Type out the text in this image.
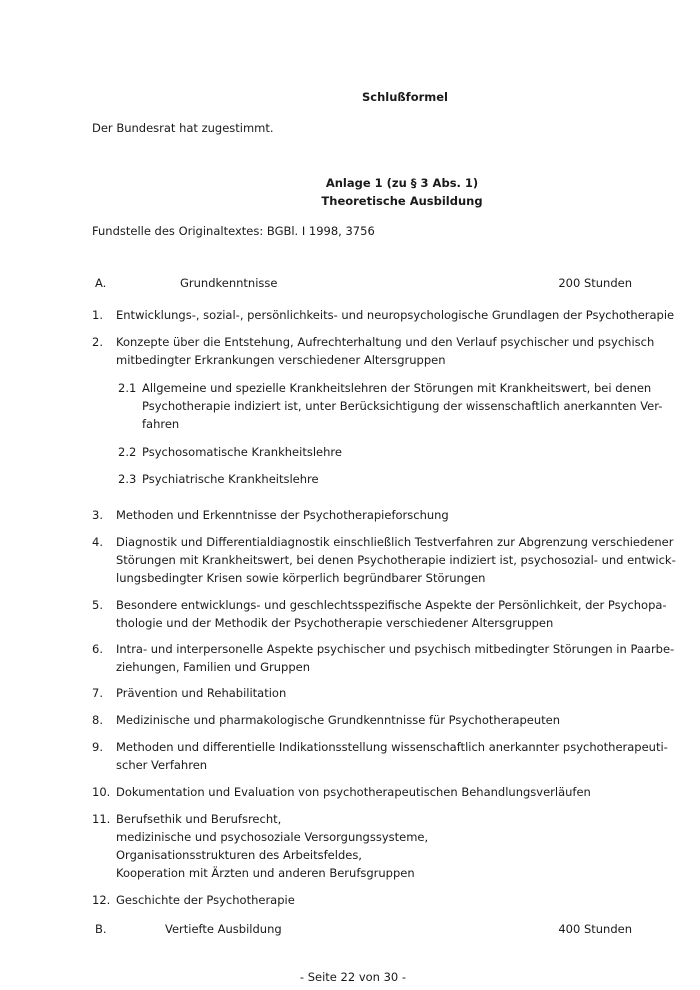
Schlußformel
Der Bundesrat hat zugestimmt.
Anlage 1 (zu § 3 Abs. 1)
Theoretische Ausbildung
Fundstelle des Originaltextes: BGBl. I 1998, 3756
A.	Grundkenntnisse	200 Stunden
1. Entwicklungs-, sozial-, persönlichkeits- und neuropsychologische Grundlagen der Psychotherapie
2. Konzepte über die Entstehung, Aufrechterhaltung und den Verlauf psychischer und psychisch
mitbedingter Erkrankungen verschiedener Altersgruppen
2.1 Allgemeine und spezielle Krankheitslehren der Störungen mit Krankheitswert, bei denen
Psychotherapie indiziert ist, unter Berücksichtigung der wissenschaftlich anerkannten Ver-
fahren
2.2 Psychosomatische Krankheitslehre
2.3 Psychiatrische Krankheitslehre
3. Methoden und Erkenntnisse der Psychotherapieforschung
4. Diagnostik und Differentialdiagnostik einschließlich Testverfahren zur Abgrenzung verschiedener
Störungen mit Krankheitswert, bei denen Psychotherapie indiziert ist, psychosozial- und entwick-
lungsbedingter Krisen sowie körperlich begründbarer Störungen
5. Besondere entwicklungs- und geschlechtsspezifische Aspekte der Persönlichkeit, der Psychopa-
thologie und der Methodik der Psychotherapie verschiedener Altersgruppen
6. Intra- und interpersonelle Aspekte psychischer und psychisch mitbedingter Störungen in Paarbe-
ziehungen, Familien und Gruppen
7. Prävention und Rehabilitation
8. Medizinische und pharmakologische Grundkenntnisse für Psychotherapeuten
9. Methoden und differentielle Indikationsstellung wissenschaftlich anerkannter psychotherapeuti-
scher Verfahren
10. Dokumentation und Evaluation von psychotherapeutischen Behandlungsverläufen
11. Berufsethik und Berufsrecht,
medizinische und psychosoziale Versorgungssysteme,
Organisationsstrukturen des Arbeitsfeldes,
Kooperation mit Ärzten und anderen Berufsgruppen
12. Geschichte der Psychotherapie
B.	Vertiefte Ausbildung	400 Stunden
- Seite 22 von 30 -
